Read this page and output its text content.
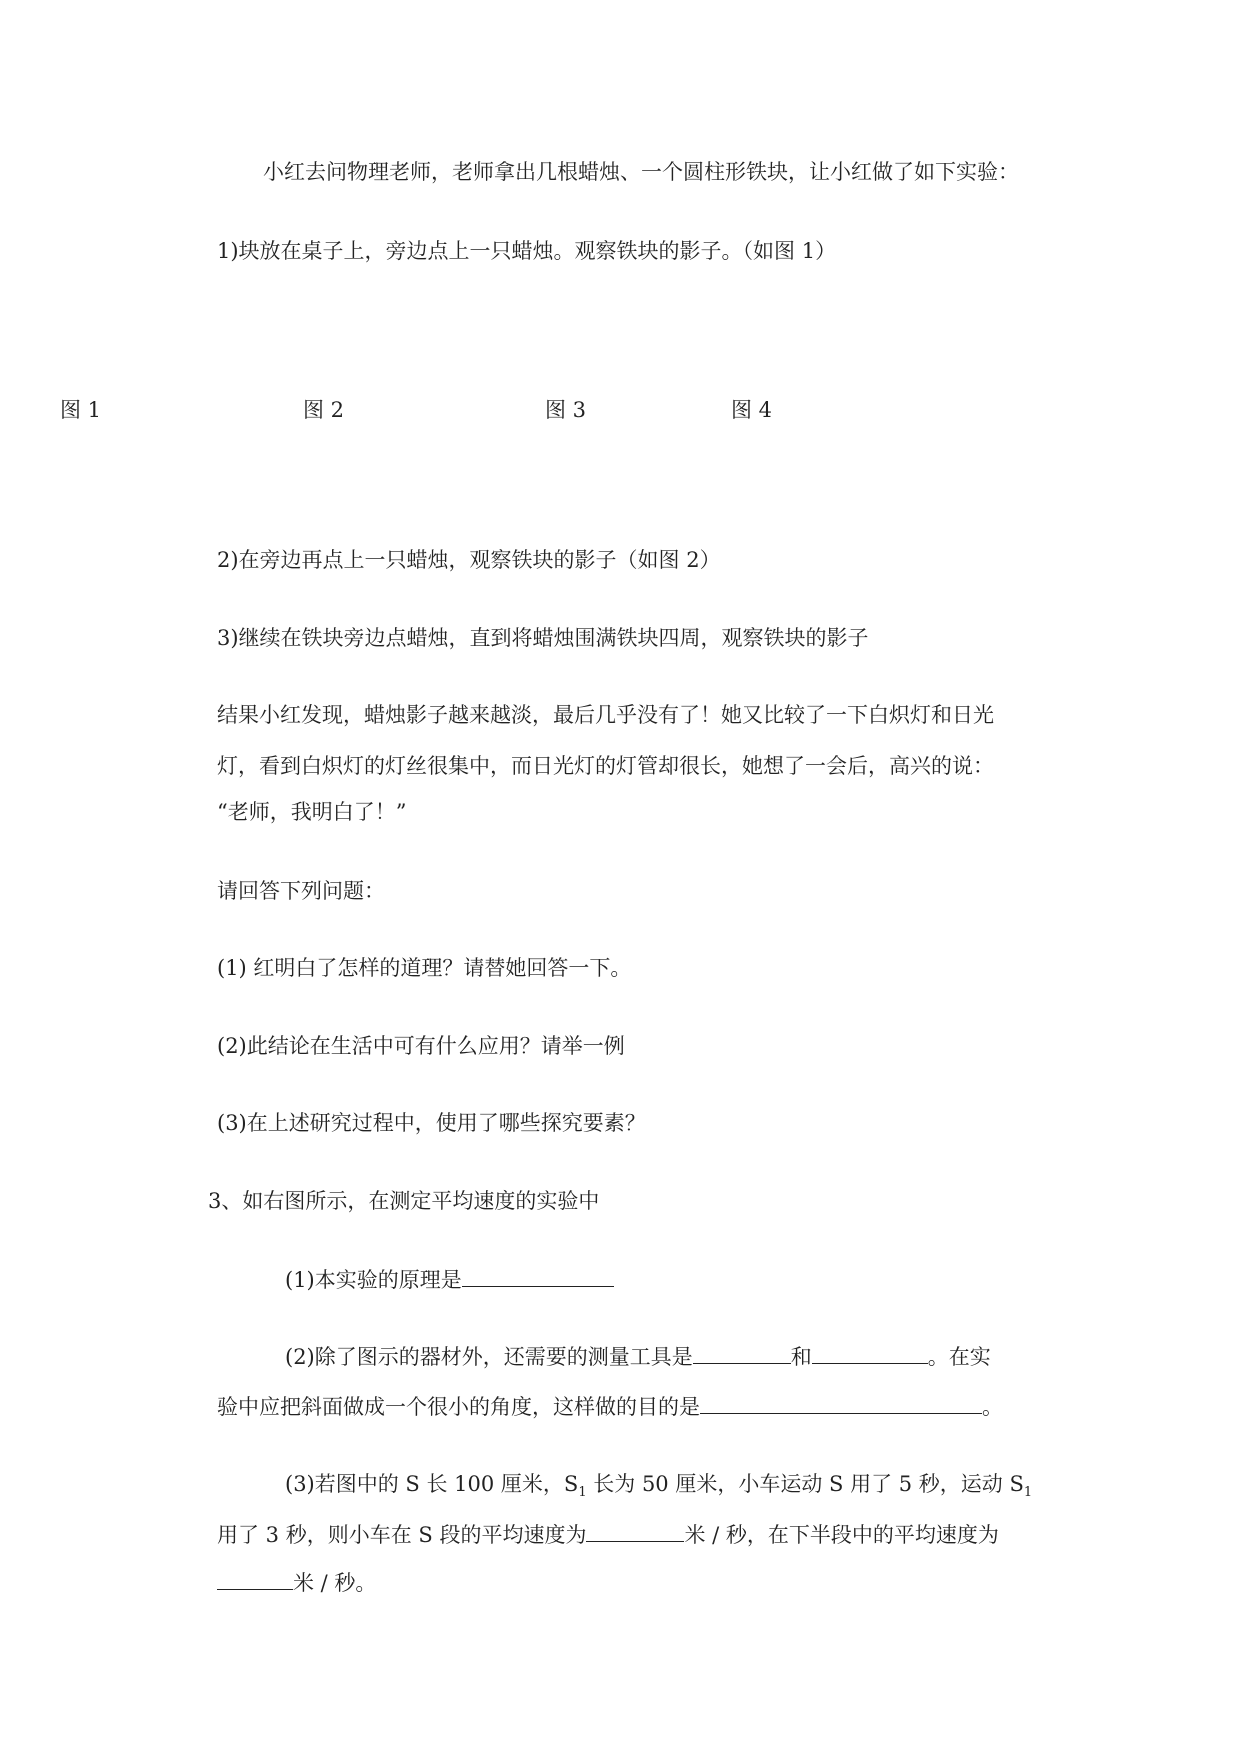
小红去问物理老师，老师拿出几根蜡烛、一个圆柱形铁块，让小红做了如下实验：
1)块放在桌子上，旁边点上一只蜡烛。观察铁块的影子。（如图 1）
图 1	图 2	图 3	图 4
2)在旁边再点上一只蜡烛，观察铁块的影子（如图 2）
3)继续在铁块旁边点蜡烛，直到将蜡烛围满铁块四周，观察铁块的影子
结果小红发现，蜡烛影子越来越淡，最后几乎没有了！她又比较了一下白炽灯和日光
灯，看到白炽灯的灯丝很集中，而日光灯的灯管却很长，她想了一会后，高兴的说：
“老师，我明白了！”
请回答下列问题：
(1) 红明白了怎样的道理？请替她回答一下。
(2)此结论在生活中可有什么应用？请举一例
(3)在上述研究过程中，使用了哪些探究要素？
3、如右图所示，在测定平均速度的实验中
(1)本实验的原理是
(2)除了图示的器材外，还需要的测量工具是	和	。在实
验中应把斜面做成一个很小的角度，这样做的目的是	。
(3)若图中的 S 长 100 厘米，$S_1$ 长为 50 厘米，小车运动 S 用了 5 秒，运动 $S_1$
用了 3 秒，则小车在 S 段的平均速度为	米 / 秒，在下半段中的平均速度为
米 / 秒。
